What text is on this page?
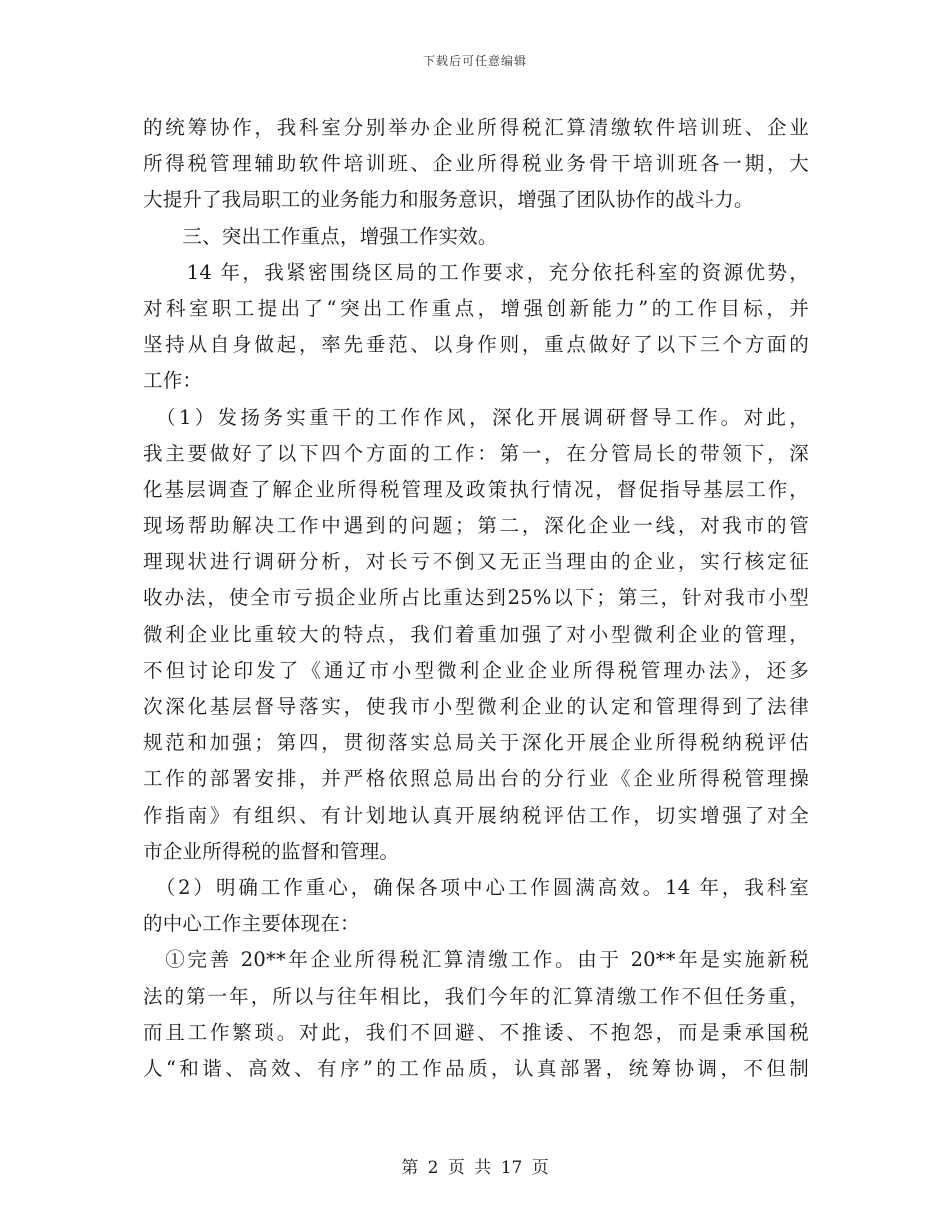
下载后可任意编辑
的统筹协作，我科室分别举办企业所得税汇算清缴软件培训班、企业
所得税管理辅助软件培训班、企业所得税业务骨干培训班各一期，大
大提升了我局职工的业务能力和服务意识，增强了团队协作的战斗力。
　　三、突出工作重点，增强工作实效。
　　14 年，我紧密围绕区局的工作要求，充分依托科室的资源优势，
对科室职工提出了“突出工作重点，增强创新能力”的工作目标，并
坚持从自身做起，率先垂范、以身作则，重点做好了以下三个方面的
工作：
　（1）发扬务实重干的工作作风，深化开展调研督导工作。对此，
我主要做好了以下四个方面的工作：第一，在分管局长的带领下，深
化基层调查了解企业所得税管理及政策执行情况，督促指导基层工作，
现场帮助解决工作中遇到的问题；第二，深化企业一线，对我市的管
理现状进行调研分析，对长亏不倒又无正当理由的企业，实行核定征
收办法，使全市亏损企业所占比重达到25%以下；第三，针对我市小型
微利企业比重较大的特点，我们着重加强了对小型微利企业的管理，
不但讨论印发了《通辽市小型微利企业企业所得税管理办法》，还多
次深化基层督导落实，使我市小型微利企业的认定和管理得到了法律
规范和加强；第四，贯彻落实总局关于深化开展企业所得税纳税评估
工作的部署安排，并严格依照总局出台的分行业《企业所得税管理操
作指南》有组织、有计划地认真开展纳税评估工作，切实增强了对全
市企业所得税的监督和管理。
　（2）明确工作重心，确保各项中心工作圆满高效。14 年，我科室
的中心工作主要体现在：
　①完善 20**年企业所得税汇算清缴工作。由于 20**年是实施新税
法的第一年，所以与往年相比，我们今年的汇算清缴工作不但任务重，
而且工作繁琐。对此，我们不回避、不推诿、不抱怨，而是秉承国税
人“和谐、高效、有序”的工作品质，认真部署，统筹协调，不但制
第 2 页 共 17 页
